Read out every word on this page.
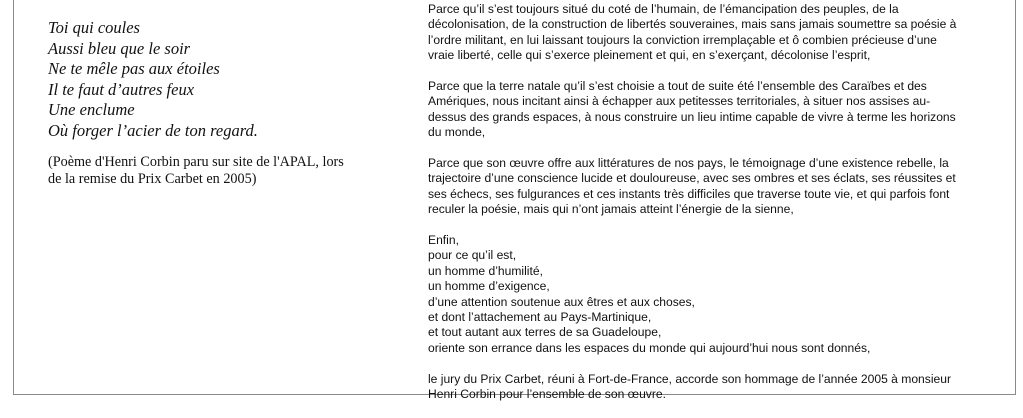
Toi qui coules
Aussi bleu que le soir
Ne te mêle pas aux étoiles
Il te faut d’autres feux
Une enclume
Où forger l’acier de ton regard.
(Poème d'Henri Corbin paru sur site de l'APAL, lors
de la remise du Prix Carbet en 2005)

Parce qu’il s’est toujours situé du coté de l’humain, de l’émancipation des peuples, de la
décolonisation, de la construction de libertés souveraines, mais sans jamais soumettre sa poésie à
l’ordre militant, en lui laissant toujours la conviction irremplaçable et ô combien précieuse d’une
vraie liberté, celle qui s’exerce pleinement et qui, en s’exerçant, décolonise l’esprit,

Parce que la terre natale qu’il s’est choisie a tout de suite été l’ensemble des Caraïbes et des
Amériques, nous incitant ainsi à échapper aux petitesses territoriales, à situer nos assises au-
dessus des grands espaces, à nous construire un lieu intime capable de vivre à terme les horizons
du monde,

Parce que son œuvre offre aux littératures de nos pays, le témoignage d’une existence rebelle, la
trajectoire d’une conscience lucide et douloureuse, avec ses ombres et ses éclats, ses réussites et
ses échecs, ses fulgurances et ces instants très difficiles que traverse toute vie, et qui parfois font
reculer la poésie, mais qui n’ont jamais atteint l’énergie de la sienne,

Enfin,
pour ce qu’il est,
un homme d’humilité,
un homme d’exigence,
d’une attention soutenue aux êtres et aux choses,
et dont l’attachement au Pays-Martinique,
et tout autant aux terres de sa Guadeloupe,
oriente son errance dans les espaces du monde qui aujourd’hui nous sont donnés,

le jury du Prix Carbet, réuni à Fort-de-France, accorde son hommage de l’année 2005 à monsieur
Henri Corbin pour l’ensemble de son œuvre.
